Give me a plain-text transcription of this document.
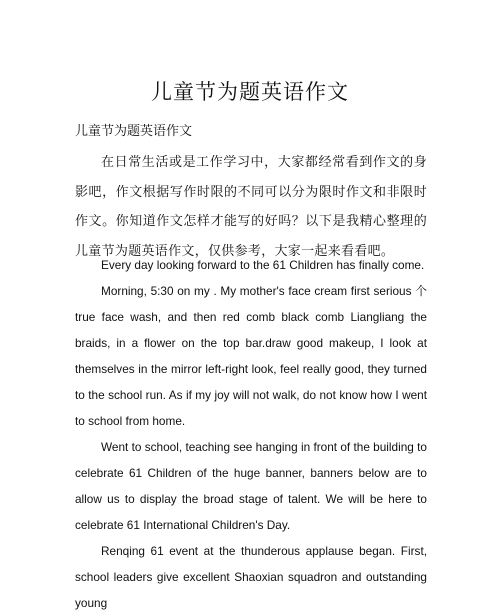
儿童节为题英语作文
儿童节为题英语作文
在日常生活或是工作学习中，大家都经常看到作文的身影吧，作文根据写作时限的不同可以分为限时作文和非限时作文。你知道作文怎样才能写的好吗？以下是我精心整理的儿童节为题英语作文，仅供参考，大家一起来看看吧。

Every day looking forward to the 61 Children has finally come.

Morning, 5:30 on my . My mother's face cream first serious 个 true face wash, and then red comb black comb Liangliang the braids, in a flower on the top bar.draw good makeup, I look at themselves in the mirror left-right look, feel really good, they turned to the school run. As if my joy will not walk, do not know how I went to school from home.

Went to school, teaching see hanging in front of the building to celebrate 61 Children of the huge banner, banners below are to allow us to display the broad stage of talent. We will be here to celebrate 61 International Children's Day.

Renqing 61 event at the thunderous applause began. First, school leaders give excellent Shaoxian squadron and outstanding young
